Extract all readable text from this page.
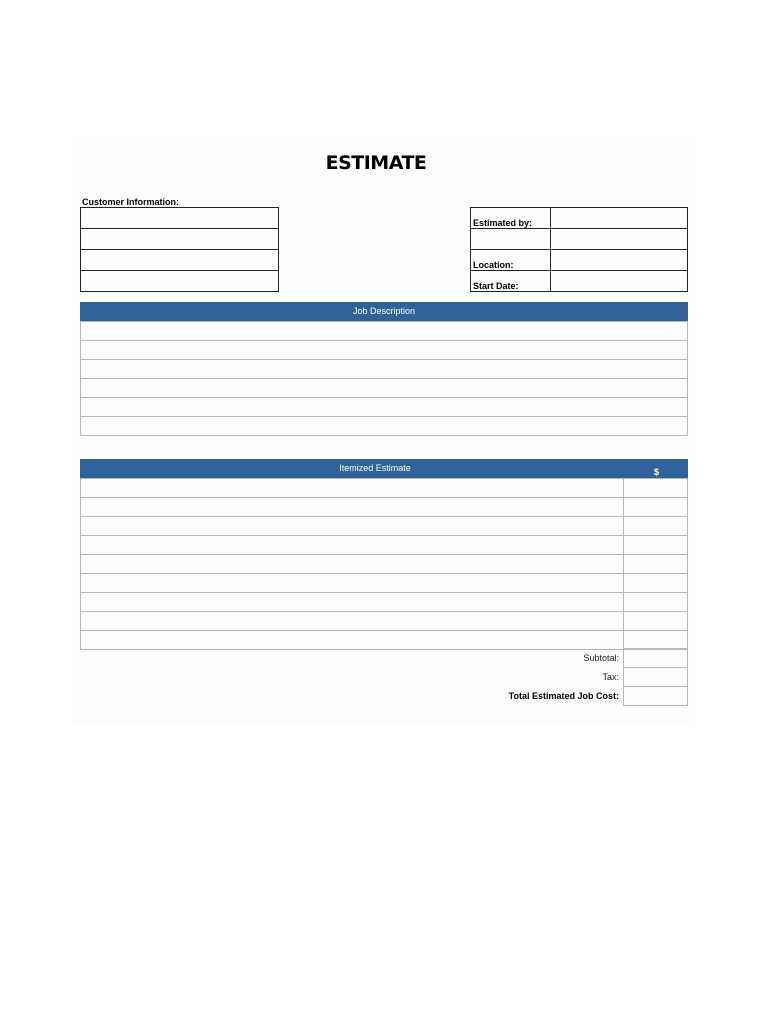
ESTIMATE
Customer Information:

Estimated by:	

Location:	
Start Date:	
Job Description

Itemized Estimate	$

Subtotal:	
Tax:	
Total Estimated Job Cost:	
